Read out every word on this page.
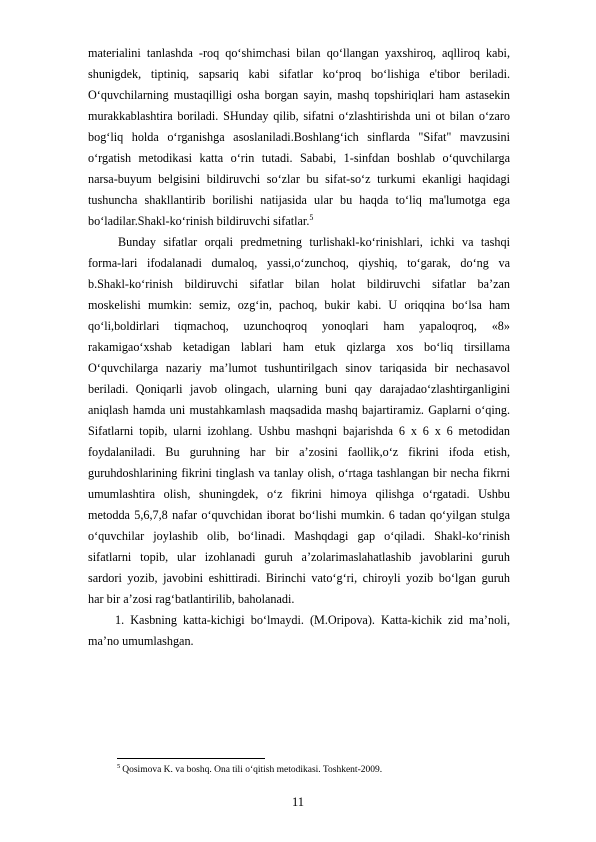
materialini tanlashda -roq qo‘shimchasi bilan qo‘llangan yaxshiroq, aqlliroq kabi,
shunigdek, tiptiniq, sapsariq kabi sifatlar ko‘proq bo‘lishiga e'tibor beriladi.
O‘quvchilarning mustaqilligi osha borgan sayin, mashq topshiriqlari ham astasekin
murakkablashtira boriladi. SHunday qilib, sifatni o‘zlashtirishda uni ot bilan o‘zaro
bog‘liq holda o‘rganishga asoslaniladi.Boshlang‘ich sinflarda "Sifat" mavzusini
o‘rgatish metodikasi katta o‘rin tutadi. Sababi, 1-sinfdan boshlab o‘quvchilarga
narsa-buyum belgisini bildiruvchi so‘zlar bu sifat-so‘z turkumi ekanligi haqidagi
tushuncha shakllantirib borilishi natijasida ular bu haqda to‘liq ma'lumotga ega
bo‘ladilar.Shakl-ko‘rinish bildiruvchi sifatlar.$^5$
Bunday sifatlar orqali predmetning turlishakl-ko‘rinishlari, ichki va tashqi
forma-lari ifodalanadi dumaloq, yassi,o‘zunchoq, qiyshiq, to‘garak, do‘ng va
b.Shakl-ko‘rinish bildiruvchi sifatlar bilan holat bildiruvchi sifatlar ba’zan
moskelishi mumkin: semiz, ozg‘in, pachoq, bukir kabi. U oriqqina bo‘lsa ham
qo‘li,boldirlari tiqmachoq, uzunchoqroq yonoqlari ham yapaloqroq, «8»
rakamigao‘xshab ketadigan lablari ham etuk qizlarga xos bo‘liq tirsillama
O‘quvchilarga nazariy ma’lumot tushuntirilgach sinov tariqasida bir nechasavol
beriladi. Qoniqarli javob olingach, ularning buni qay darajadao‘zlashtirganligini
aniqlash hamda uni mustahkamlash maqsadida mashq bajartiramiz. Gaplarni o‘qing.
Sifatlarni topib, ularni izohlang. Ushbu mashqni bajarishda 6 x 6 x 6 metodidan
foydalaniladi. Bu guruhning har bir a’zosini faollik,o‘z fikrini ifoda etish,
guruhdoshlarining fikrini tinglash va tanlay olish, o‘rtaga tashlangan bir necha fikrni
umumlashtira olish, shuningdek, o‘z fikrini himoya qilishga o‘rgatadi. Ushbu
metodda 5,6,7,8 nafar o‘quvchidan iborat bo‘lishi mumkin. 6 tadan qo‘yilgan stulga
o‘quvchilar joylashib olib, bo‘linadi. Mashqdagi gap o‘qiladi. Shakl-ko‘rinish
sifatlarni topib, ular izohlanadi guruh a’zolarimaslahatlashib javoblarini guruh
sardori yozib, javobini eshittiradi. Birinchi vato‘g‘ri, chiroyli yozib bo‘lgan guruh
har bir a’zosi rag‘batlantirilib, baholanadi.
1. Kasbning katta-kichigi bo‘lmaydi. (M.Oripova). Katta-kichik zid ma’noli,
ma’no umumlashgan.
$^5$ Qosimova K. va boshq. Ona tili o‘qitish metodikasi. Toshkent-2009.
11
